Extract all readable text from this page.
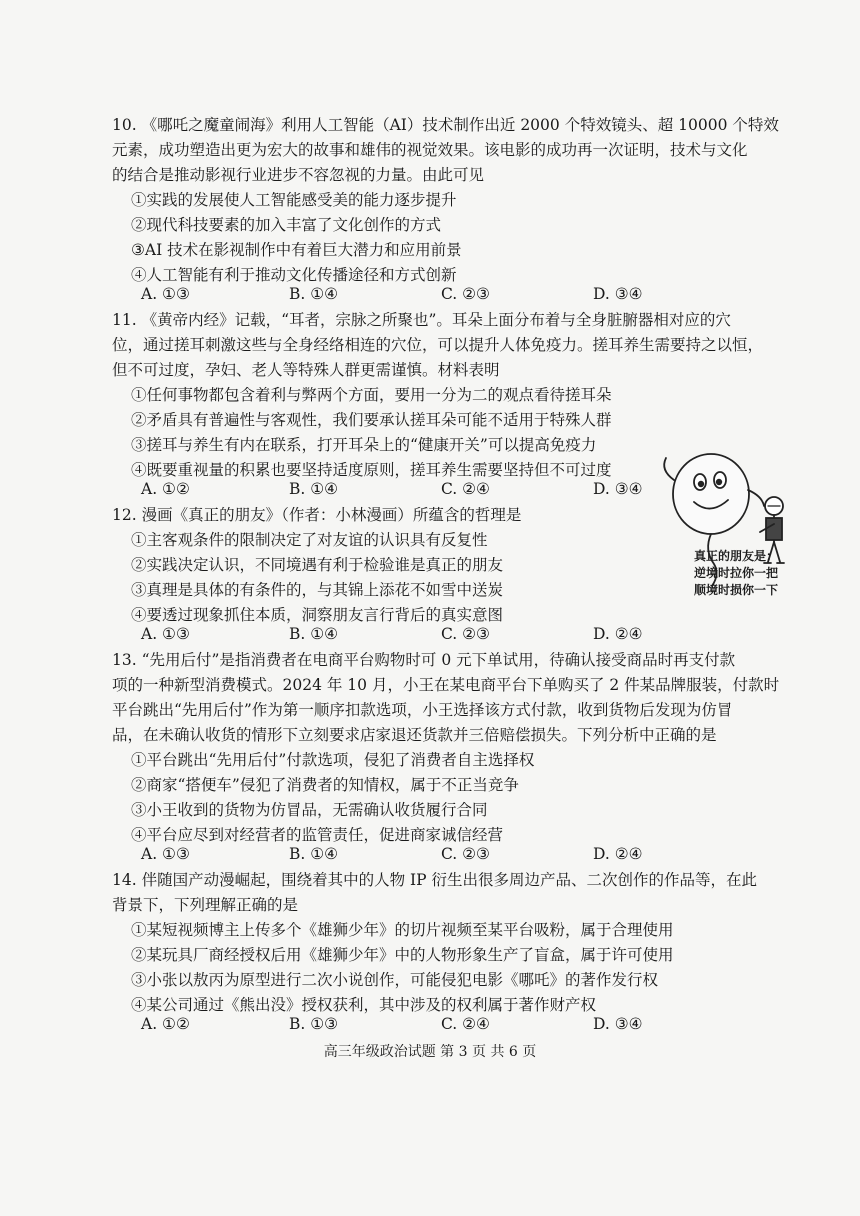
10. 《哪吒之魔童闹海》利用人工智能（AI）技术制作出近 2000 个特效镜头、超 10000 个特效
元素，成功塑造出更为宏大的故事和雄伟的视觉效果。该电影的成功再一次证明，技术与文化
的结合是推动影视行业进步不容忽视的力量。由此可见
①实践的发展使人工智能感受美的能力逐步提升
②现代科技要素的加入丰富了文化创作的方式
③AI 技术在影视制作中有着巨大潜力和应用前景
④人工智能有利于推动文化传播途径和方式创新
A. ①③	B. ①④	C. ②③	D. ③④
11. 《黄帝内经》记载，“耳者，宗脉之所聚也”。耳朵上面分布着与全身脏腑器相对应的穴
位，通过搓耳刺激这些与全身经络相连的穴位，可以提升人体免疫力。搓耳养生需要持之以恒，
但不可过度，孕妇、老人等特殊人群更需谨慎。材料表明
①任何事物都包含着利与弊两个方面，要用一分为二的观点看待搓耳朵
②矛盾具有普遍性与客观性，我们要承认搓耳朵可能不适用于特殊人群
③搓耳与养生有内在联系，打开耳朵上的“健康开关”可以提高免疫力
④既要重视量的积累也要坚持适度原则，搓耳养生需要坚持但不可过度
A. ①②	B. ①④	C. ②④	D. ③④
12. 漫画《真正的朋友》（作者：小林漫画）所蕴含的哲理是
①主客观条件的限制决定了对友谊的认识具有反复性
②实践决定认识，不同境遇有利于检验谁是真正的朋友
③真理是具体的有条件的，与其锦上添花不如雪中送炭
④要透过现象抓住本质，洞察朋友言行背后的真实意图
A. ①③	B. ①④	C. ②③	D. ②④
真正的朋友是：
逆境时拉你一把
顺境时损你一下
13. “先用后付”是指消费者在电商平台购物时可 0 元下单试用，待确认接受商品时再支付款
项的一种新型消费模式。2024 年 10 月，小王在某电商平台下单购买了 2 件某品牌服装，付款时
平台跳出“先用后付”作为第一顺序扣款选项，小王选择该方式付款，收到货物后发现为仿冒
品，在未确认收货的情形下立刻要求店家退还货款并三倍赔偿损失。下列分析中正确的是
①平台跳出“先用后付”付款选项，侵犯了消费者自主选择权
②商家“搭便车”侵犯了消费者的知情权，属于不正当竞争
③小王收到的货物为仿冒品，无需确认收货履行合同
④平台应尽到对经营者的监管责任，促进商家诚信经营
A. ①③	B. ①④	C. ②③	D. ②④
14. 伴随国产动漫崛起，围绕着其中的人物 IP 衍生出很多周边产品、二次创作的作品等，在此
背景下，下列理解正确的是
①某短视频博主上传多个《雄狮少年》的切片视频至某平台吸粉，属于合理使用
②某玩具厂商经授权后用《雄狮少年》中的人物形象生产了盲盒，属于许可使用
③小张以敖丙为原型进行二次小说创作，可能侵犯电影《哪吒》的著作发行权
④某公司通过《熊出没》授权获利，其中涉及的权利属于著作财产权
A. ①②	B. ①③	C. ②④	D. ③④
高三年级政治试题 第 3 页 共 6 页
